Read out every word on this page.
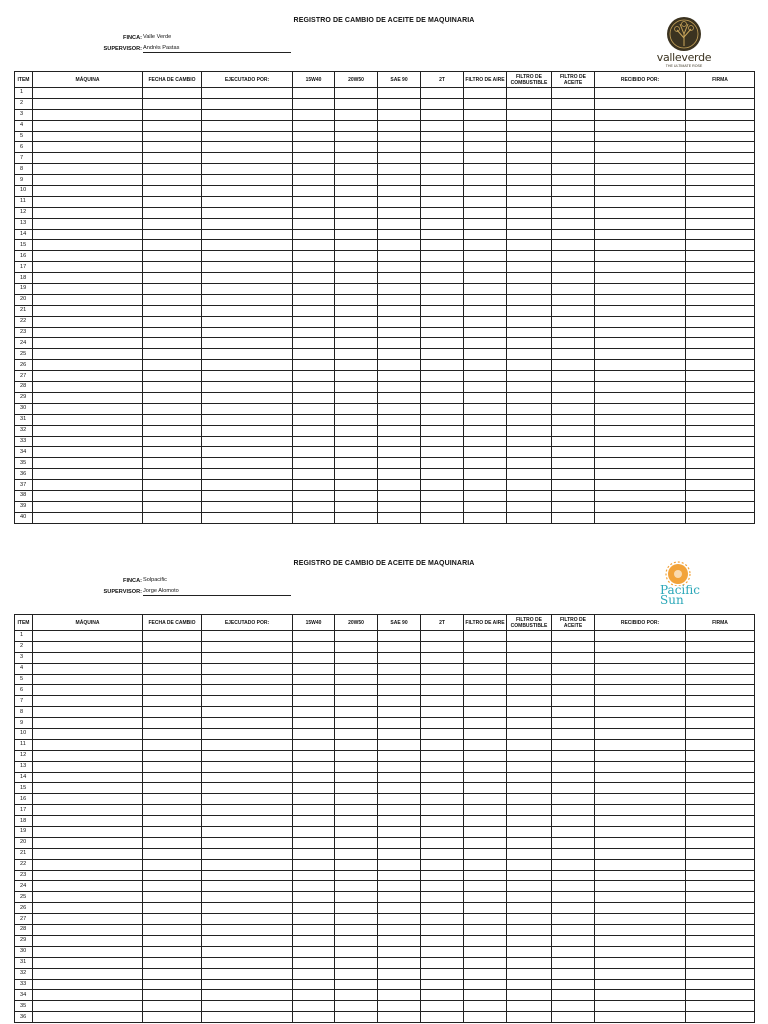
REGISTRO DE CAMBIO DE ACEITE DE MAQUINARIA
FINCA: Valle Verde
SUPERVISOR: Andrés Pastas
valleverde
THE ULTIMATE ROSE
ITEM	MÁQUINA	FECHA DE CAMBIO	EJECUTADO POR:	15W40	20W50	SAE 90	2T	FILTRO DE AIRE	FILTRO DE COMBUSTIBLE	FILTRO DE ACEITE	RECIBIDO POR:	FIRMA
1												
2												
3												
4												
5												
6												
7												
8												
9												
10												
11												
12												
13												
14												
15												
16												
17												
18												
19												
20												
21												
22												
23												
24												
25												
26												
27												
28												
29												
30												
31												
32												
33												
34												
35												
36												
37												
38												
39												
40												
REGISTRO DE CAMBIO DE ACEITE DE MAQUINARIA
FINCA: Solpacific
SUPERVISOR: Jorge Alomoto	Pacific
Sun
ITEM	MÁQUINA	FECHA DE CAMBIO	EJECUTADO POR:	15W40	20W50	SAE 90	2T	FILTRO DE AIRE	FILTRO DE COMBUSTIBLE	FILTRO DE ACEITE	RECIBIDO POR:	FIRMA
1												
2												
3												
4												
5												
6												
7												
8												
9												
10												
11												
12												
13												
14												
15												
16												
17												
18												
19												
20												
21												
22												
23												
24												
25												
26												
27												
28												
29												
30												
31												
32												
33												
34												
35												
36												
